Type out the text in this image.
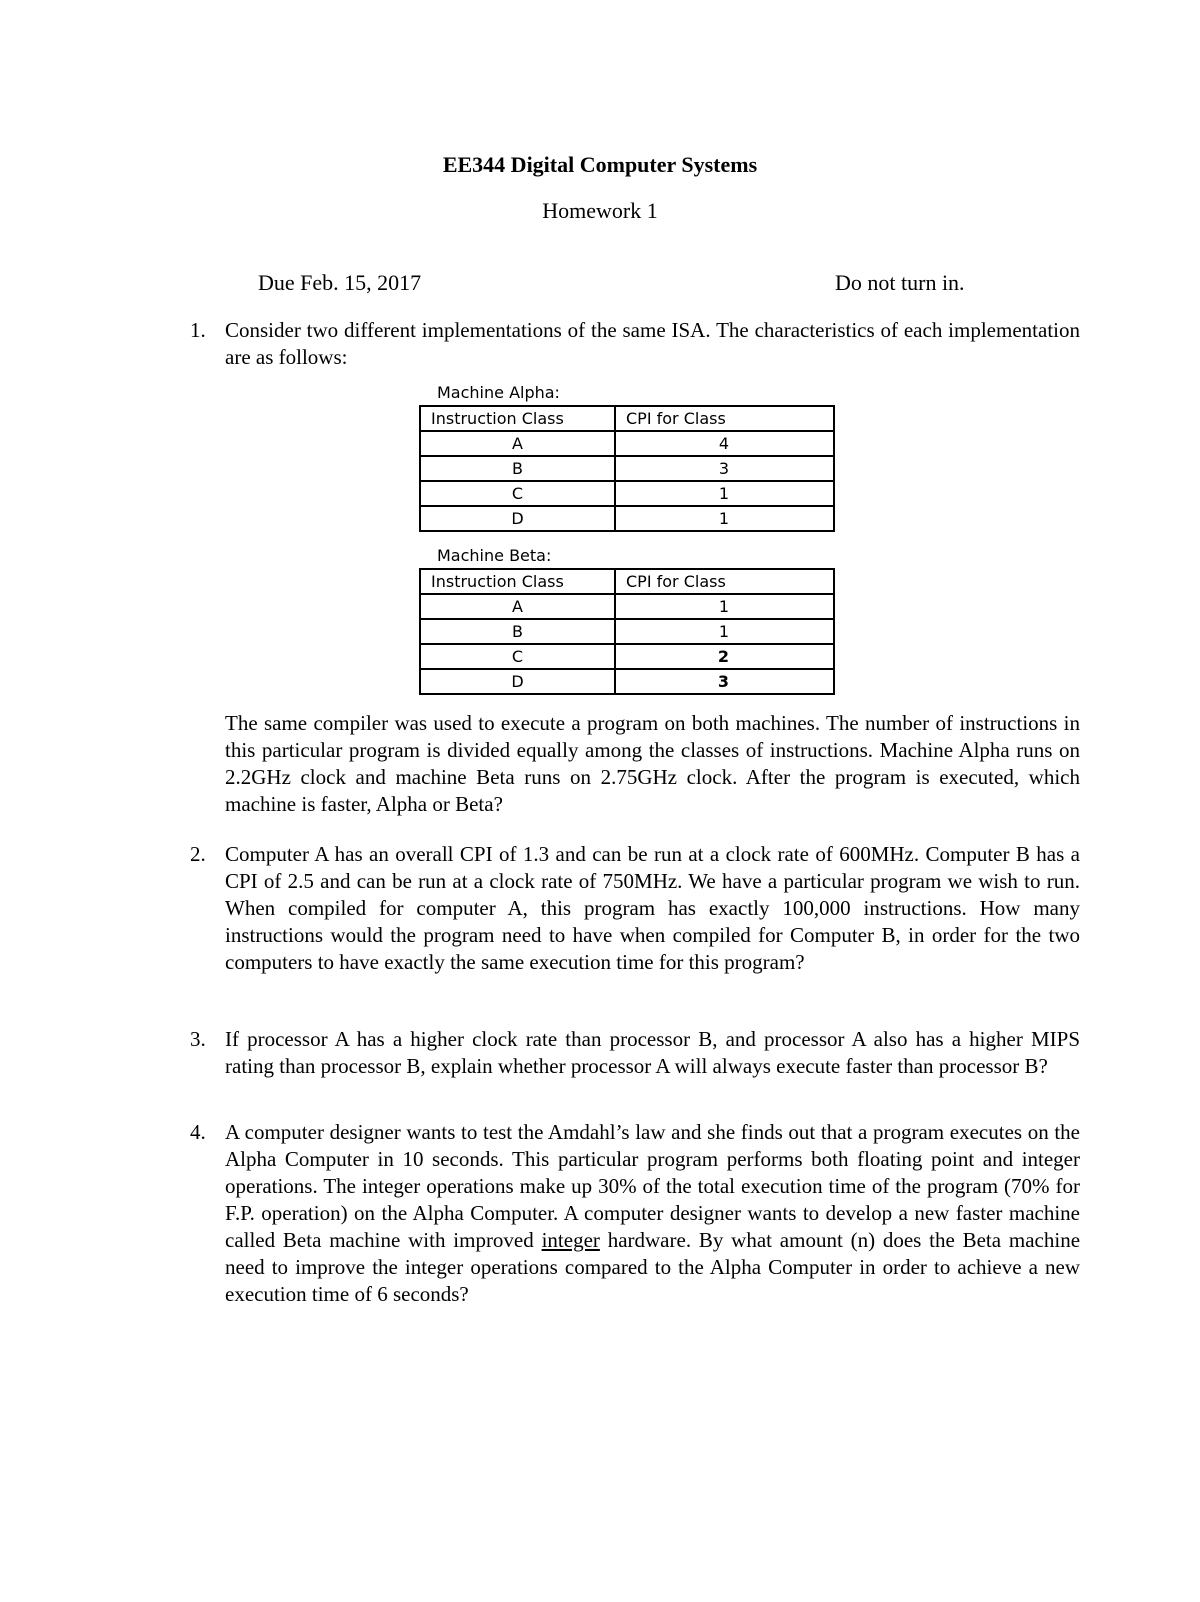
EE344 Digital Computer Systems
Homework 1
Due Feb. 15, 2017	Do not turn in.
1. Consider two different implementations of the same ISA. The characteristics of each implementation are as follows:
Machine Alpha:
Instruction Class	CPI for Class
A	4
B	3
C	1
D	1
Machine Beta:
Instruction Class	CPI for Class
A	1
B	1
C	2
D	3
The same compiler was used to execute a program on both machines. The number of instructions in this particular program is divided equally among the classes of instructions. Machine Alpha runs on 2.2GHz clock and machine Beta runs on 2.75GHz clock. After the program is executed, which machine is faster, Alpha or Beta?
2. Computer A has an overall CPI of 1.3 and can be run at a clock rate of 600MHz. Computer B has a CPI of 2.5 and can be run at a clock rate of 750MHz. We have a particular program we wish to run. When compiled for computer A, this program has exactly 100,000 instructions. How many instructions would the program need to have when compiled for Computer B, in order for the two computers to have exactly the same execution time for this program?
3. If processor A has a higher clock rate than processor B, and processor A also has a higher MIPS rating than processor B, explain whether processor A will always execute faster than processor B?
4. A computer designer wants to test the Amdahl’s law and she finds out that a program executes on the Alpha Computer in 10 seconds. This particular program performs both floating point and integer operations. The integer operations make up 30% of the total execution time of the program (70% for F.P. operation) on the Alpha Computer. A computer designer wants to develop a new faster machine called Beta machine with improved integer hardware. By what amount (n) does the Beta machine need to improve the integer operations compared to the Alpha Computer in order to achieve a new execution time of 6 seconds?
